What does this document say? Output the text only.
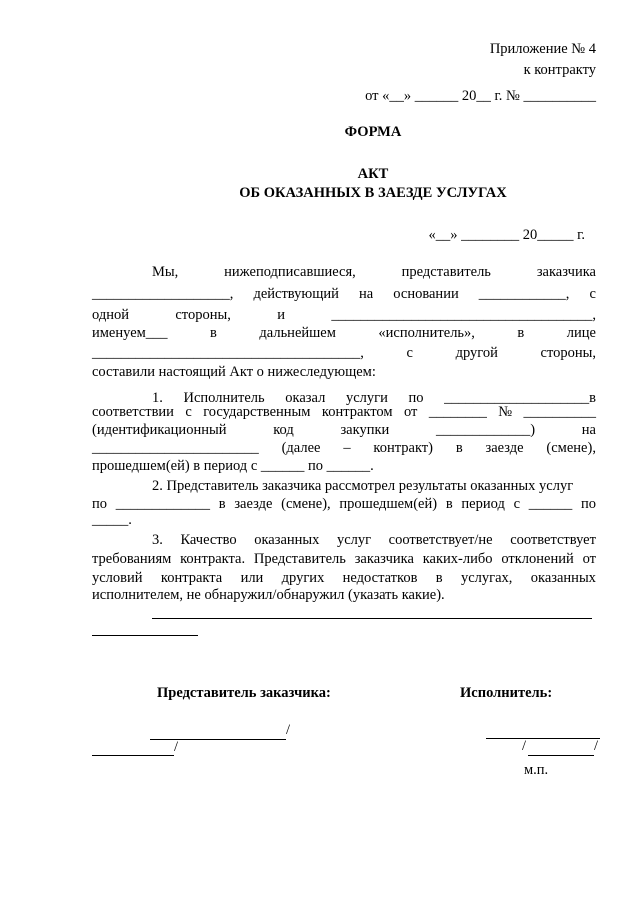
Приложение № 4
к контракту
от «__» ______ 20__ г. № __________
ФОРМА
АКТ
ОБ ОКАЗАННЫХ В ЗАЕЗДЕ УСЛУГАХ
«__» ________ 20_____ г.
Мы,	нижеподписавшиеся,	представитель	заказчика
___________________, действующий на основании ____________, с
одной	стороны,	и	____________________________________,
именуем___	в	дальнейшем	«исполнитель»,	в	лице
_____________________________________,	с	другой	стороны,
составили настоящий Акт о нижеследующем:
1. Исполнитель оказал услуги по ____________________в
соответствии с государственным контрактом от ________ № __________
(идентификационный	код	закупки	_____________)	на
_______________________ (далее – контракт) в заезде (смене),
прошедшем(ей) в период с ______ по ______.
2. Представитель заказчика рассмотрел результаты оказанных услуг
по _____________ в заезде (смене), прошедшем(ей) в период с ______ по
_____.
3. Качество оказанных услуг соответствует/не соответствует
требованиям контракта. Представитель заказчика каких-либо отклонений от
условий контракта или других недостатков в услугах, оказанных
исполнителем, не обнаружил/обнаружил (указать какие).
Представитель заказчика:	Исполнитель:
/
/	/	/
м.п.
